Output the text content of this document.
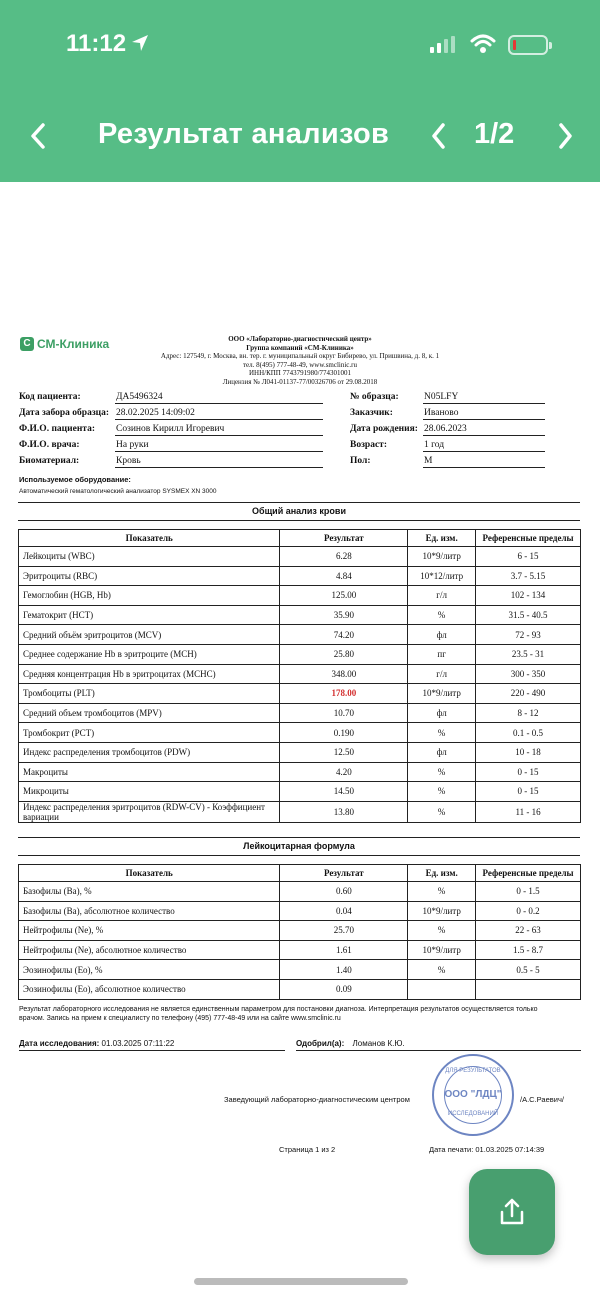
11:12
Результат анализов	1/2
С СМ-Клиника	ООО «Лабораторно-диагностический центр»
Группа компаний «СМ-Клиника»
Адрес: 127549, г. Москва, вн. тер. г. муниципальный округ Бибирево, ул. Пришвина, д. 8, к. 1
тел. 8(495) 777-48-49, www.smclinic.ru
ИНН/КПП 7743791980/774301001
Лицензия № Л041-01137-77/00326706 от 29.08.2018
Код пациента:	ДА5496324
Дата забора образца: 28.02.2025 14:09:02
Ф.И.О. пациента: Созинов Кирилл Игоревич
Ф.И.О. врача:	На руки
Биоматериал:	Кровь
№ образца:	N05LFY
Заказчик:	Иваново
Дата рождения: 28.06.2023
Возраст:	1 год
Пол:	М
Используемое оборудование:
Автоматический гематологический анализатор SYSMEX XN 3000
Общий анализ крови
Показатель	Результат	Ед. изм.	Референсные пределы
Лейкоциты (WBC)	6.28	10*9/литр	6 - 15
Эритроциты (RBC)	4.84	10*12/литр	3.7 - 5.15
Гемоглобин (HGB, Hb)	125.00	г/л	102 - 134
Гематокрит (HCT)	35.90	%	31.5 - 40.5
Средний объём эритроцитов (MCV)	74.20	фл	72 - 93
Среднее содержание Hb в эритроците (MCH)	25.80	пг	23.5 - 31
Средняя концентрация Hb в эритроцитах (MCHC)	348.00	г/л	300 - 350
Тромбоциты (PLT)	178.00	10*9/литр	220 - 490
Средний объем тромбоцитов (MPV)	10.70	фл	8 - 12
Тромбокрит (PCT)	0.190	%	0.1 - 0.5
Индекс распределения тромбоцитов (PDW)	12.50	фл	10 - 18
Макроциты	4.20	%	0 - 15
Микроциты	14.50	%	0 - 15
Индекс распределения эритроцитов (RDW-CV) - Коэффициент вариации	13.80	%	11 - 16
Лейкоцитарная формула
Показатель	Результат	Ед. изм.	Референсные пределы
Базофилы (Ba), %	0.60	%	0 - 1.5
Базофилы (Ba), абсолютное количество	0.04	10*9/литр	0 - 0.2
Нейтрофилы (Ne), %	25.70	%	22 - 63
Нейтрофилы (Ne), абсолютное количество	1.61	10*9/литр	1.5 - 8.7
Эозинофилы (Eo), %	1.40	%	0.5 - 5
Эозинофилы (Eo), абсолютное количество	0.09		
Результат лабораторного исследования не является единственным параметром для постановки диагноза. Интерпретация результатов осуществляется только врачом. Запись на прием к специалисту по телефону (495) 777-48-49 или на сайте www.smclinic.ru
Дата исследования: 01.03.2025 07:11:22	Одобрил(а): Ломанов К.Ю.
Заведующий лабораторно-диагностическим центром	/А.С.Раевич/
ДЛЯ РЕЗУЛЬТАТОВ
ООО "ЛДЦ"
ИССЛЕДОВАНИЙ
Страница 1 из 2	Дата печати: 01.03.2025 07:14:39
